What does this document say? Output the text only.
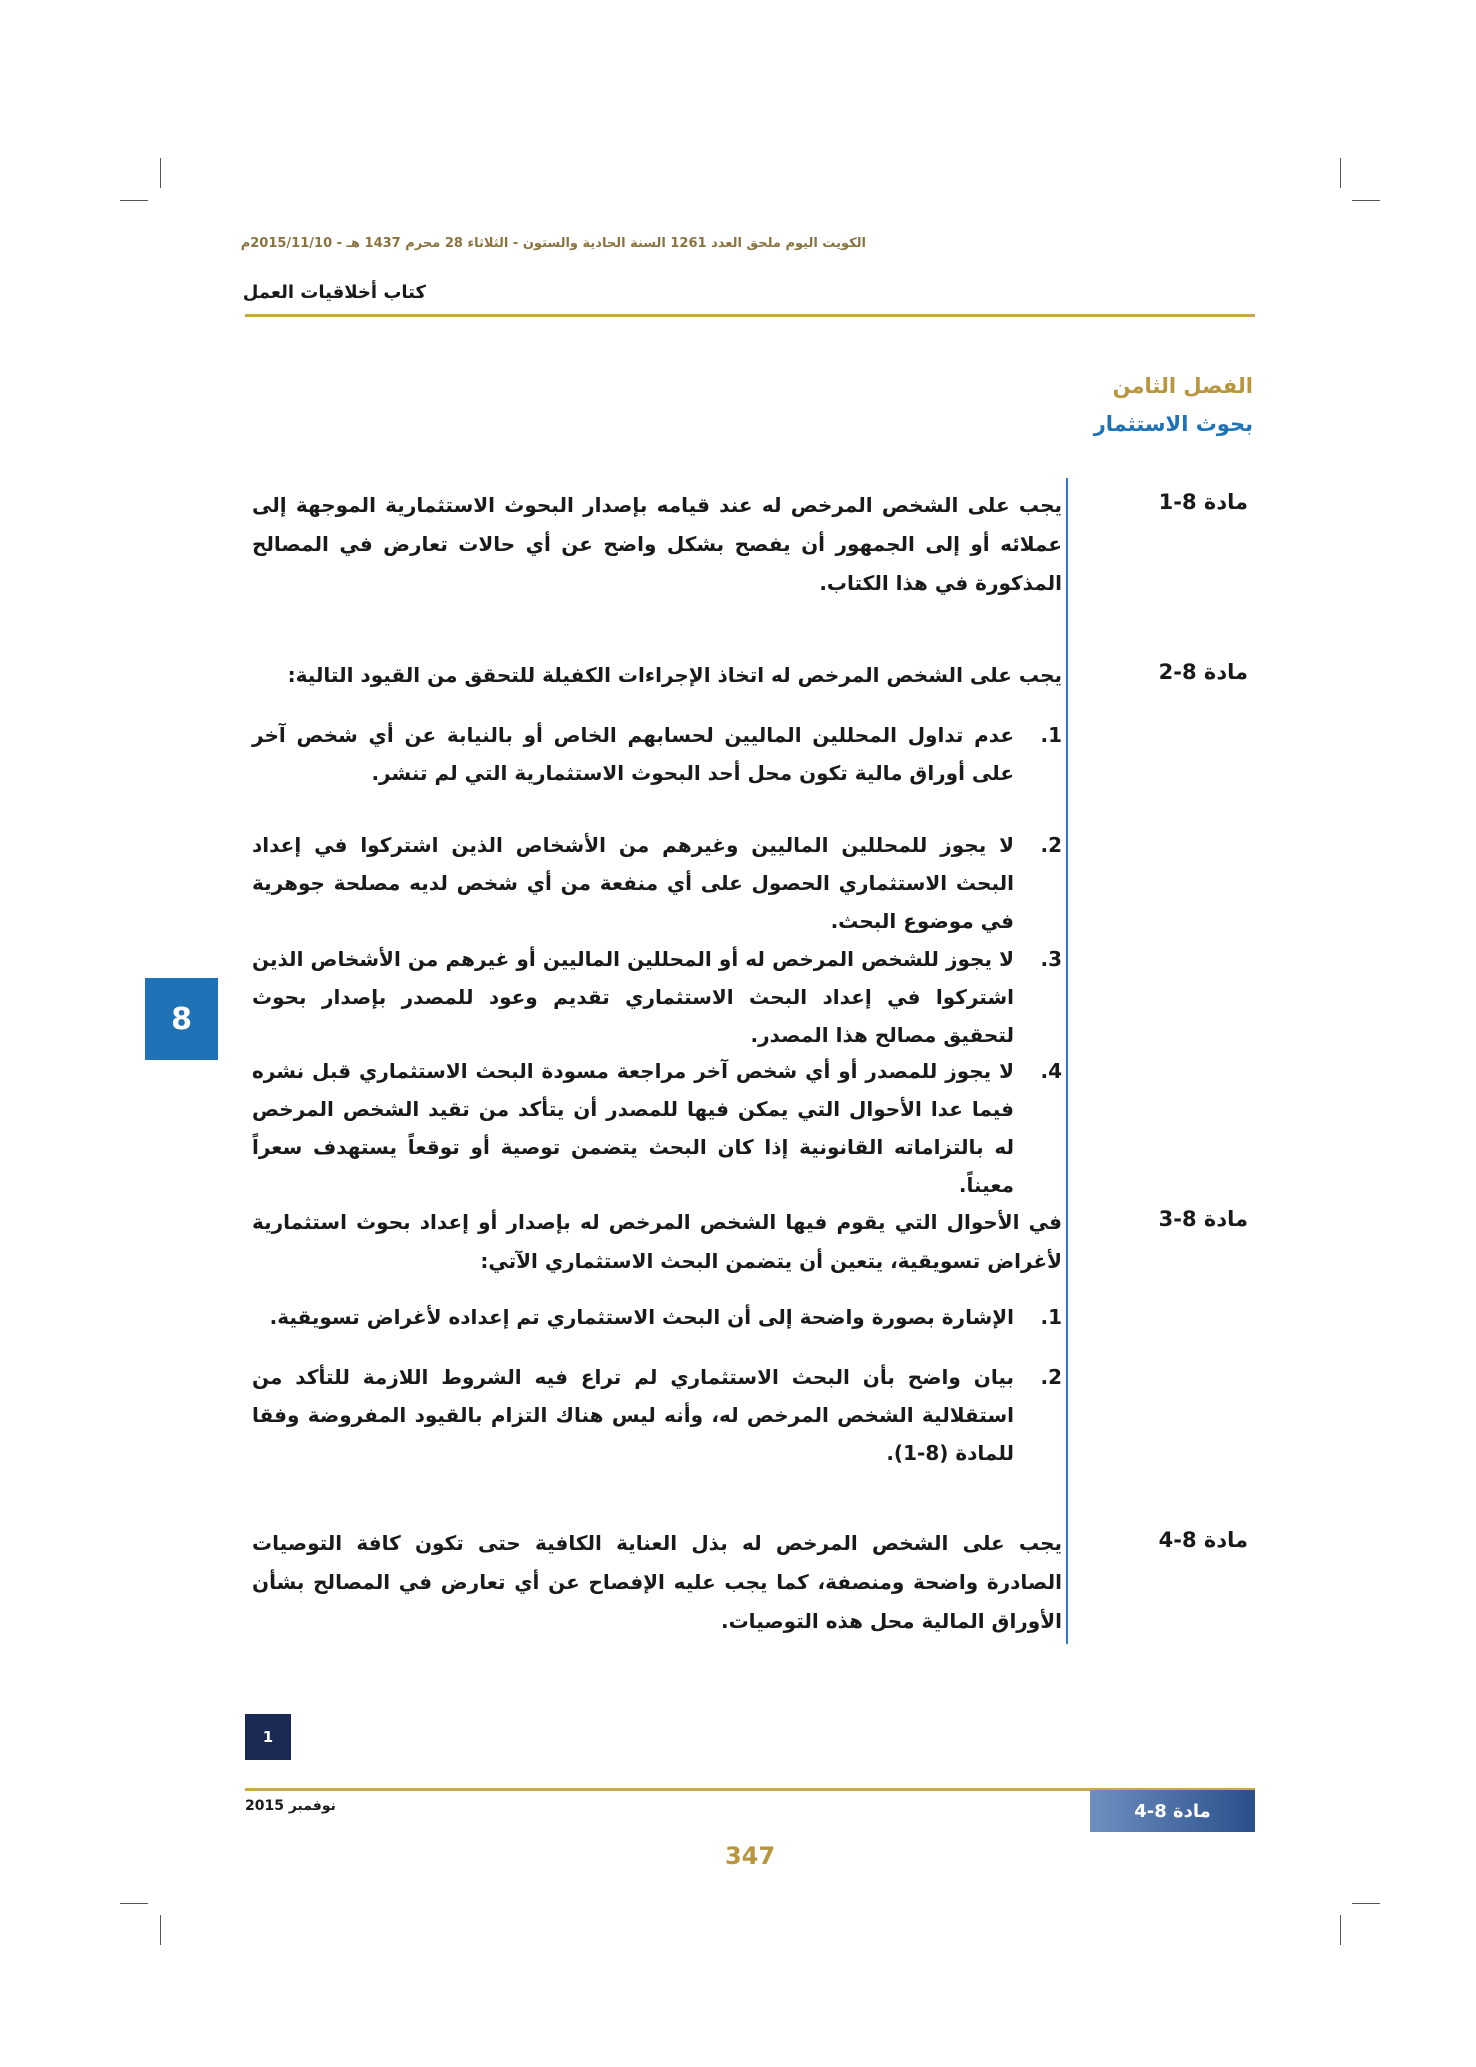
الكويت اليوم ملحق العدد 1261 السنة الحادية والستون - الثلاثاء 28 محرم 1437 هـ - 2015/11/10م
كتاب أخلاقيات العمل
الفصل الثامن
بحوث الاستثمار
مادة 8-1
يجب على الشخص المرخص له عند قيامه بإصدار البحوث الاستثمارية الموجهة إلى عملائه أو إلى الجمهور أن يفصح بشكل واضح عن أي حالات تعارض في المصالح المذكورة في هذا الكتاب.
مادة 8-2
يجب على الشخص المرخص له اتخاذ الإجراءات الكفيلة للتحقق من القيود التالية:
1.
عدم تداول المحللين الماليين لحسابهم الخاص أو بالنيابة عن أي شخص آخر على أوراق مالية تكون محل أحد البحوث الاستثمارية التي لم تنشر.
2.
لا يجوز للمحللين الماليين وغيرهم من الأشخاص الذين اشتركوا في إعداد البحث الاستثماري الحصول على أي منفعة من أي شخص لديه مصلحة جوهرية في موضوع البحث.
3.
لا يجوز للشخص المرخص له أو المحللين الماليين أو غيرهم من الأشخاص الذين اشتركوا في إعداد البحث الاستثماري تقديم وعود للمصدر بإصدار بحوث لتحقيق مصالح هذا المصدر.
4.
لا يجوز للمصدر أو أي شخص آخر مراجعة مسودة البحث الاستثماري قبل نشره فيما عدا الأحوال التي يمكن فيها للمصدر أن يتأكد من تقيد الشخص المرخص له بالتزاماته القانونية إذا كان البحث يتضمن توصية أو توقعاً يستهدف سعراً معيناً.
مادة 8-3
في الأحوال التي يقوم فيها الشخص المرخص له بإصدار أو إعداد بحوث استثمارية لأغراض تسويقية، يتعين أن يتضمن البحث الاستثماري الآتي:
1.
الإشارة بصورة واضحة إلى أن البحث الاستثماري تم إعداده لأغراض تسويقية.
2.
بيان واضح بأن البحث الاستثماري لم تراع فيه الشروط اللازمة للتأكد من استقلالية الشخص المرخص له، وأنه ليس هناك التزام بالقيود المفروضة وفقا للمادة (8-1).
مادة 8-4
يجب على الشخص المرخص له بذل العناية الكافية حتى تكون كافة التوصيات الصادرة واضحة ومنصفة، كما يجب عليه الإفصاح عن أي تعارض في المصالح بشأن الأوراق المالية محل هذه التوصيات.
8
1
نوفمبر 2015	مادة 8-4
347
